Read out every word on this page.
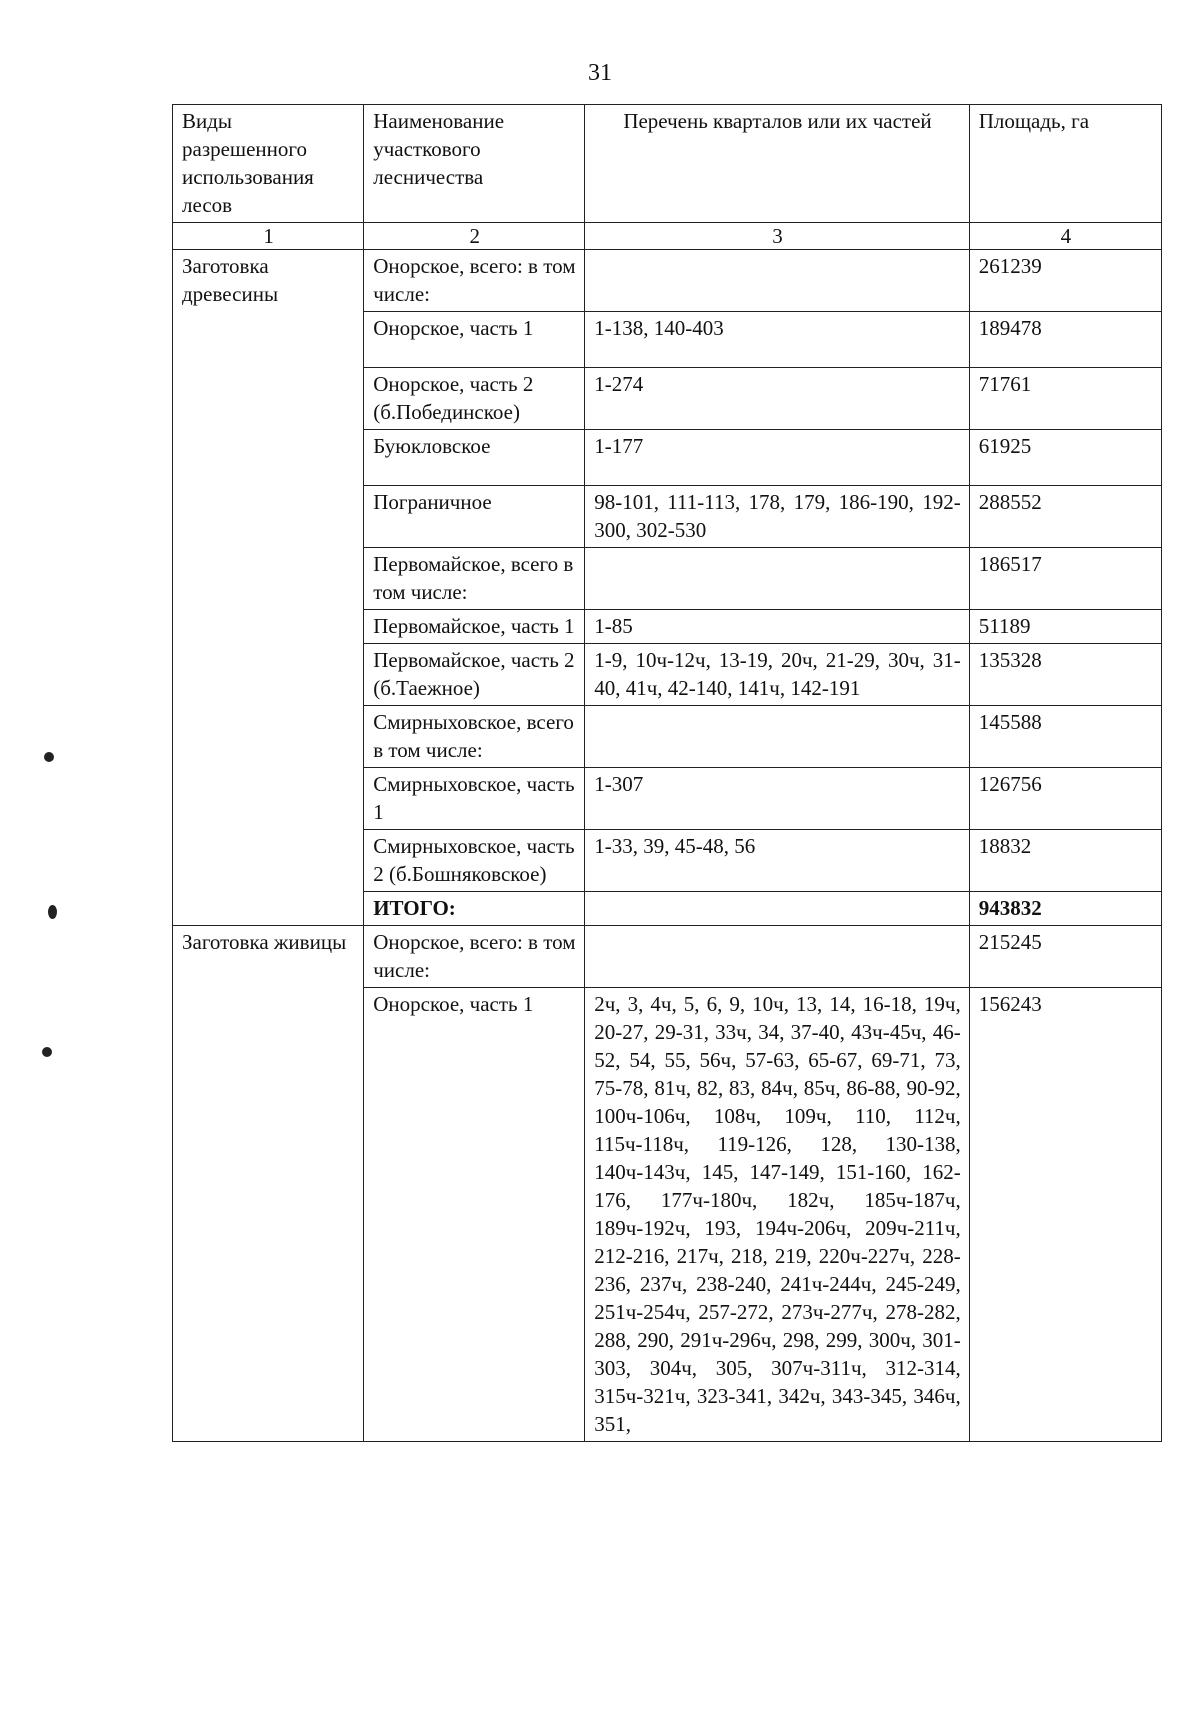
31
Виды разрешенного использования лесов	Наименование участкового лесничества	Перечень кварталов или их частей	Площадь, га
1	2	3	4
Заготовка древесины	Онорское, всего: в том числе:		261239
	Онорское, часть 1	1-138, 140-403	189478
	Онорское, часть 2 (б.Побединское)	1-274	71761
	Буюкловское	1-177	61925
	Пограничное	98-101, 111-113, 178, 179, 186-190, 192-300, 302-530	288552
	Первомайское, всего в том числе:		186517
	Первомайское, часть 1	1-85	51189
	Первомайское, часть 2 (б.Таежное)	1-9, 10ч-12ч, 13-19, 20ч, 21-29, 30ч, 31-40, 41ч, 42-140, 141ч, 142-191	135328
	Смирныховское, всего в том числе:		145588
	Смирныховское, часть 1	1-307	126756
	Смирныховское, часть 2 (б.Бошняковское)	1-33, 39, 45-48, 56	18832
	ИТОГО:		943832
Заготовка живицы	Онорское, всего: в том числе:		215245
	Онорское, часть 1	2ч, 3, 4ч, 5, 6, 9, 10ч, 13, 14, 16-18, 19ч, 20-27, 29-31, 33ч, 34, 37-40, 43ч-45ч, 46-52, 54, 55, 56ч, 57-63, 65-67, 69-71, 73, 75-78, 81ч, 82, 83, 84ч, 85ч, 86-88, 90-92, 100ч-106ч, 108ч, 109ч, 110, 112ч, 115ч-118ч, 119-126, 128, 130-138, 140ч-143ч, 145, 147-149, 151-160, 162-176, 177ч-180ч, 182ч, 185ч-187ч, 189ч-192ч, 193, 194ч-206ч, 209ч-211ч, 212-216, 217ч, 218, 219, 220ч-227ч, 228-236, 237ч, 238-240, 241ч-244ч, 245-249, 251ч-254ч, 257-272, 273ч-277ч, 278-282, 288, 290, 291ч-296ч, 298, 299, 300ч, 301-303, 304ч, 305, 307ч-311ч, 312-314, 315ч-321ч, 323-341, 342ч, 343-345, 346ч, 351,	156243
